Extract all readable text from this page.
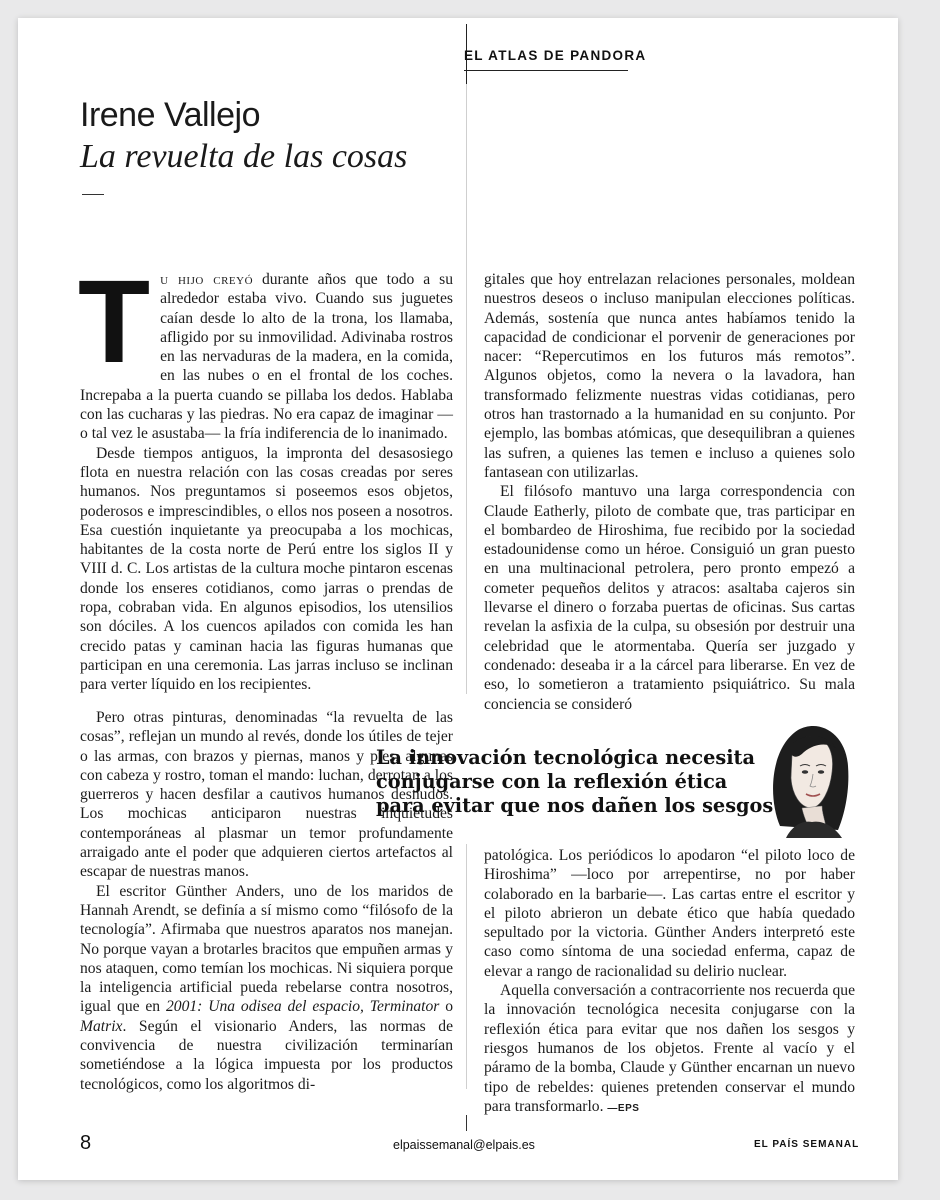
EL ATLAS DE PANDORA
Irene Vallejo
La revuelta de las cosas

Tu hijo creyó durante años que todo a su alrededor estaba vivo. Cuando sus juguetes caían desde lo alto de la trona, los llamaba, afligido por su inmovilidad. Adivinaba rostros en las nervaduras de la madera, en la comida, en las nubes o en el frontal de los coches. Increpaba a la puerta cuando se pillaba los dedos. Hablaba con las cucharas y las piedras. No era capaz de imaginar —o tal vez le asustaba— la fría indiferencia de lo inanimado.

Desde tiempos antiguos, la impronta del desasosiego flota en nuestra relación con las cosas creadas por seres humanos. Nos preguntamos si poseemos esos objetos, poderosos e imprescindibles, o ellos nos poseen a nosotros. Esa cuestión inquietante ya preocupaba a los mochicas, habitantes de la costa norte de Perú entre los siglos II y VIII d. C. Los artistas de la cultura moche pintaron escenas donde los enseres cotidianos, como jarras o prendas de ropa, cobraban vida. En algunos episodios, los utensilios son dóciles. A los cuencos apilados con comida les han crecido patas y caminan hacia las figuras humanas que participan en una ceremonia. Las jarras incluso se inclinan para verter líquido en los recipientes.

Pero otras pinturas, denominadas “la revuelta de las cosas”, reflejan un mundo al revés, donde los útiles de tejer o las armas, con brazos y piernas, manos y pies, algunas con cabeza y rostro, toman el mando: luchan, derrotan a los guerreros y hacen desfilar a cautivos humanos desnudos. Los mochicas anticiparon nuestras inquietudes contemporáneas al plasmar un temor profundamente arraigado ante el poder que adquieren ciertos artefactos al escapar de nuestras manos.

El escritor Günther Anders, uno de los maridos de Hannah Arendt, se definía a sí mismo como “filósofo de la tecnología”. Afirmaba que nuestros aparatos nos manejan. No porque vayan a brotarles bracitos que empuñen armas y nos ataquen, como temían los mochicas. Ni siquiera porque la inteligencia artificial pueda rebelarse contra nosotros, igual que en 2001: Una odisea del espacio, Terminator o Matrix. Según el visionario Anders, las normas de convivencia de nuestra civilización terminarían sometiéndose a la lógica impuesta por los productos tecnológicos, como los algoritmos di-

gitales que hoy entrelazan relaciones personales, moldean nuestros deseos o incluso manipulan elecciones políticas. Además, sostenía que nunca antes habíamos tenido la capacidad de condicionar el porvenir de generaciones por nacer: “Repercutimos en los futuros más remotos”. Algunos objetos, como la nevera o la lavadora, han transformado felizmente nuestras vidas cotidianas, pero otros han trastornado a la humanidad en su conjunto. Por ejemplo, las bombas atómicas, que desequilibran a quienes las sufren, a quienes las temen e incluso a quienes solo fantasean con utilizarlas.

El filósofo mantuvo una larga correspondencia con Claude Eatherly, piloto de combate que, tras participar en el bombardeo de Hiroshima, fue recibido por la sociedad estadounidense como un héroe. Consiguió un gran puesto en una multinacional petrolera, pero pronto empezó a cometer pequeños delitos y atracos: asaltaba cajeros sin llevarse el dinero o forzaba puertas de oficinas. Sus cartas revelan la asfixia de la culpa, su obsesión por destruir una celebridad que le atormentaba. Quería ser juzgado y condenado: deseaba ir a la cárcel para liberarse. En vez de eso, lo sometieron a tratamiento psiquiátrico. Su mala conciencia se consideró

La innovación tecnológica necesita conjugarse con la reflexión ética para evitar que nos dañen los sesgos

patológica. Los periódicos lo apodaron “el piloto loco de Hiroshima” —loco por arrepentirse, no por haber colaborado en la barbarie—. Las cartas entre el escritor y el piloto abrieron un debate ético que había quedado sepultado por la victoria. Günther Anders interpretó este caso como síntoma de una sociedad enferma, capaz de elevar a rango de racionalidad su delirio nuclear.

Aquella conversación a contracorriente nos recuerda que la innovación tecnológica necesita conjugarse con la reflexión ética para evitar que nos dañen los sesgos y riesgos humanos de los objetos. Frente al vacío y el páramo de la bomba, Claude y Günther encarnan un nuevo tipo de rebeldes: quienes pretenden conservar el mundo para transformarlo. —EPS

8	elpaissemanal@elpais.es	EL PAÍS SEMANAL
